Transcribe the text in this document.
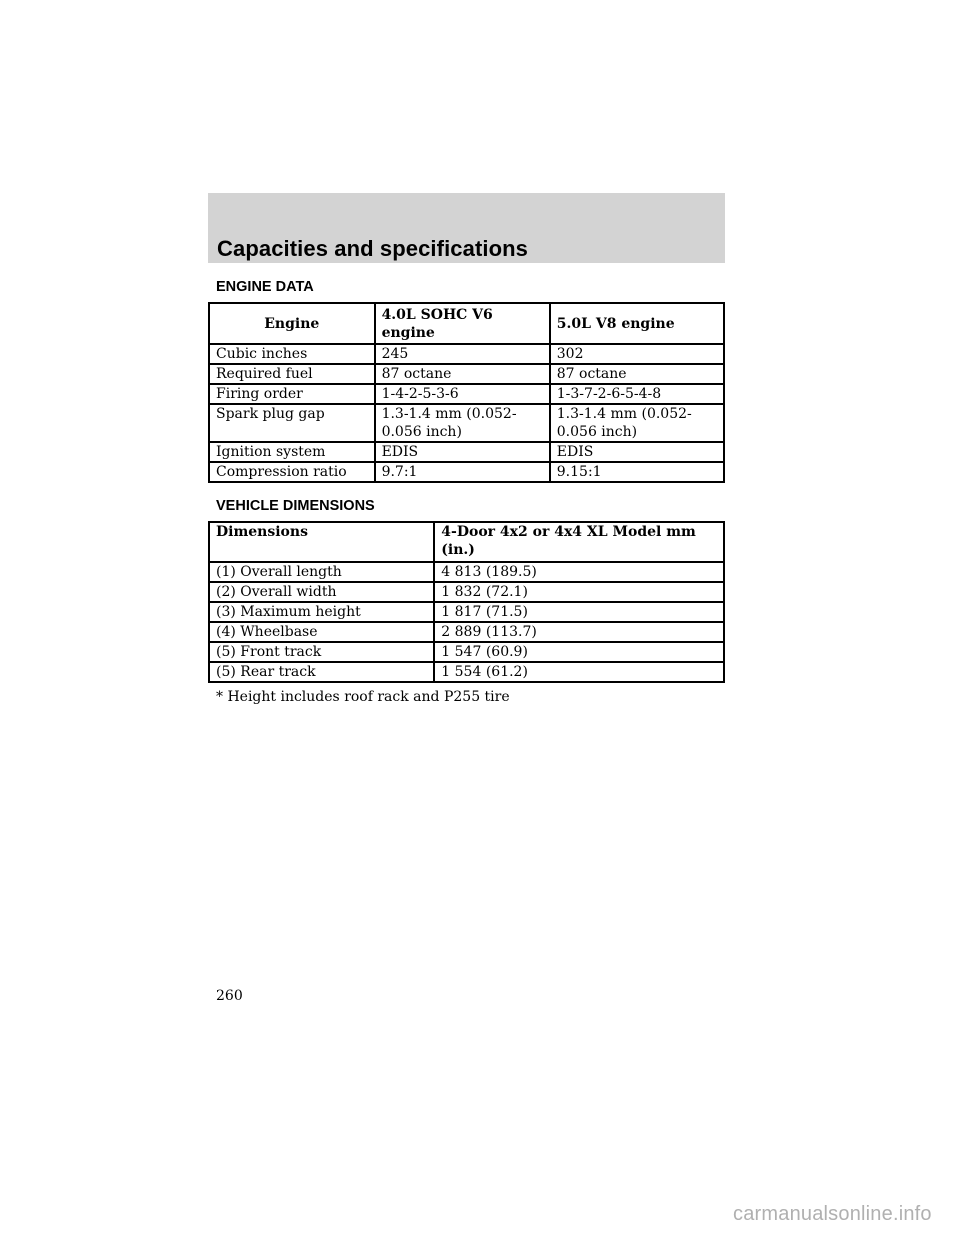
Capacities and specifications
ENGINE DATA
Engine	4.0L SOHC V6 engine	5.0L V8 engine
Cubic inches	245	302
Required fuel	87 octane	87 octane
Firing order	1-4-2-5-3-6	1-3-7-2-6-5-4-8
Spark plug gap	1.3-1.4 mm (0.052-0.056 inch)	1.3-1.4 mm (0.052-0.056 inch)
Ignition system	EDIS	EDIS
Compression ratio	9.7:1	9.15:1
VEHICLE DIMENSIONS
Dimensions	4-Door 4x2 or 4x4 XL Model mm (in.)
(1) Overall length	4 813 (189.5)
(2) Overall width	1 832 (72.1)
(3) Maximum height	1 817 (71.5)
(4) Wheelbase	2 889 (113.7)
(5) Front track	1 547 (60.9)
(5) Rear track	1 554 (61.2)
* Height includes roof rack and P255 tire
260
carmanualsonline.info
